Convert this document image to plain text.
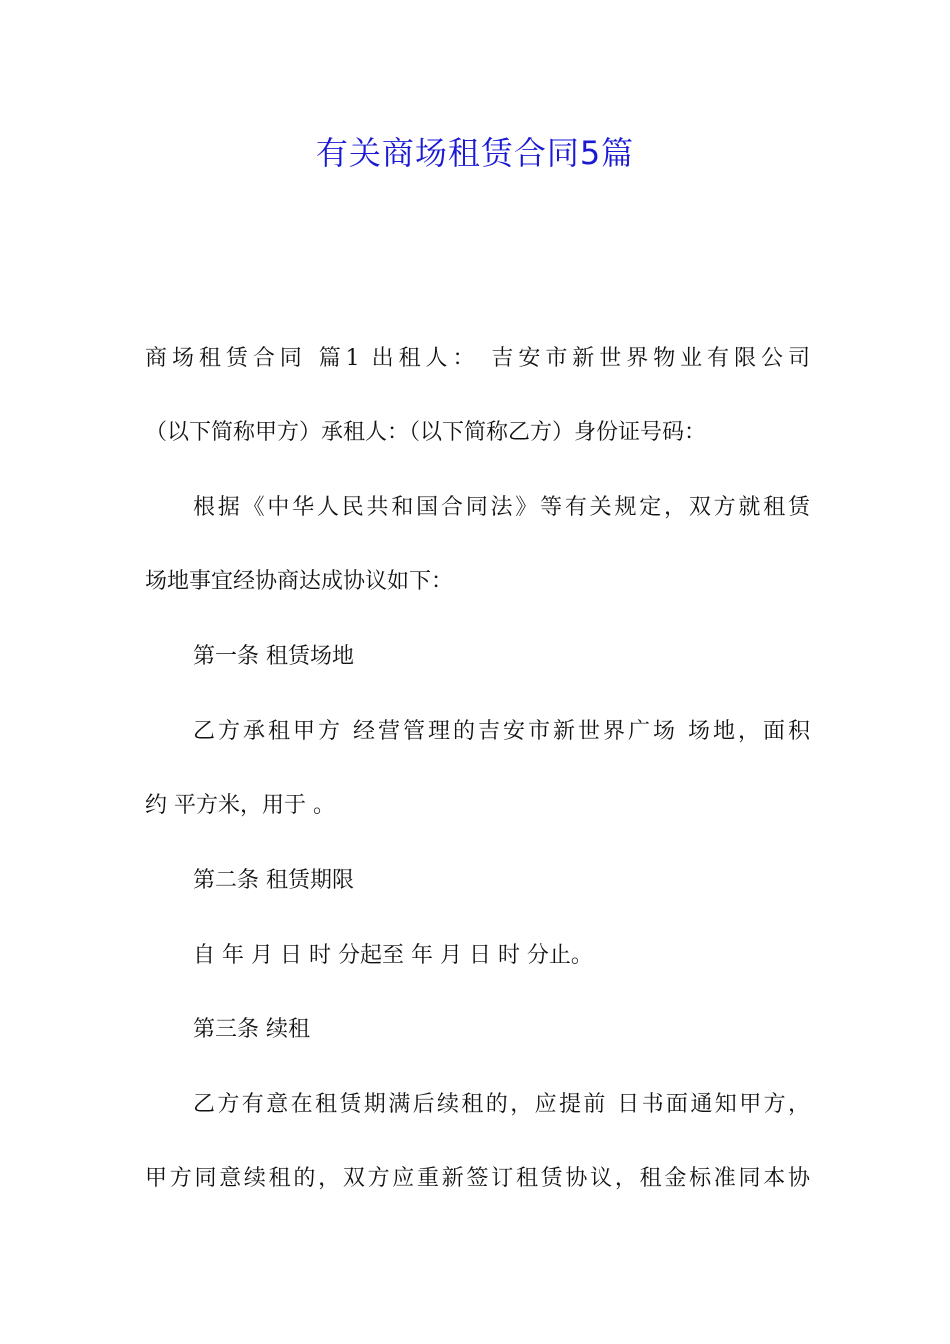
有关商场租赁合同5篇

商场租赁合同 篇1 出租人： 吉安市新世界物业有限公司

（以下简称甲方）承租人：（以下简称乙方）身份证号码：

根据《中华人民共和国合同法》等有关规定，双方就租赁

场地事宜经协商达成协议如下：

第一条 租赁场地

乙方承租甲方 经营管理的吉安市新世界广场 场地，面积

约 平方米，用于 。

第二条 租赁期限

自 年 月 日 时 分起至 年 月 日 时 分止。

第三条 续租

乙方有意在租赁期满后续租的，应提前 日书面通知甲方，

甲方同意续租的，双方应重新签订租赁协议，租金标准同本协
